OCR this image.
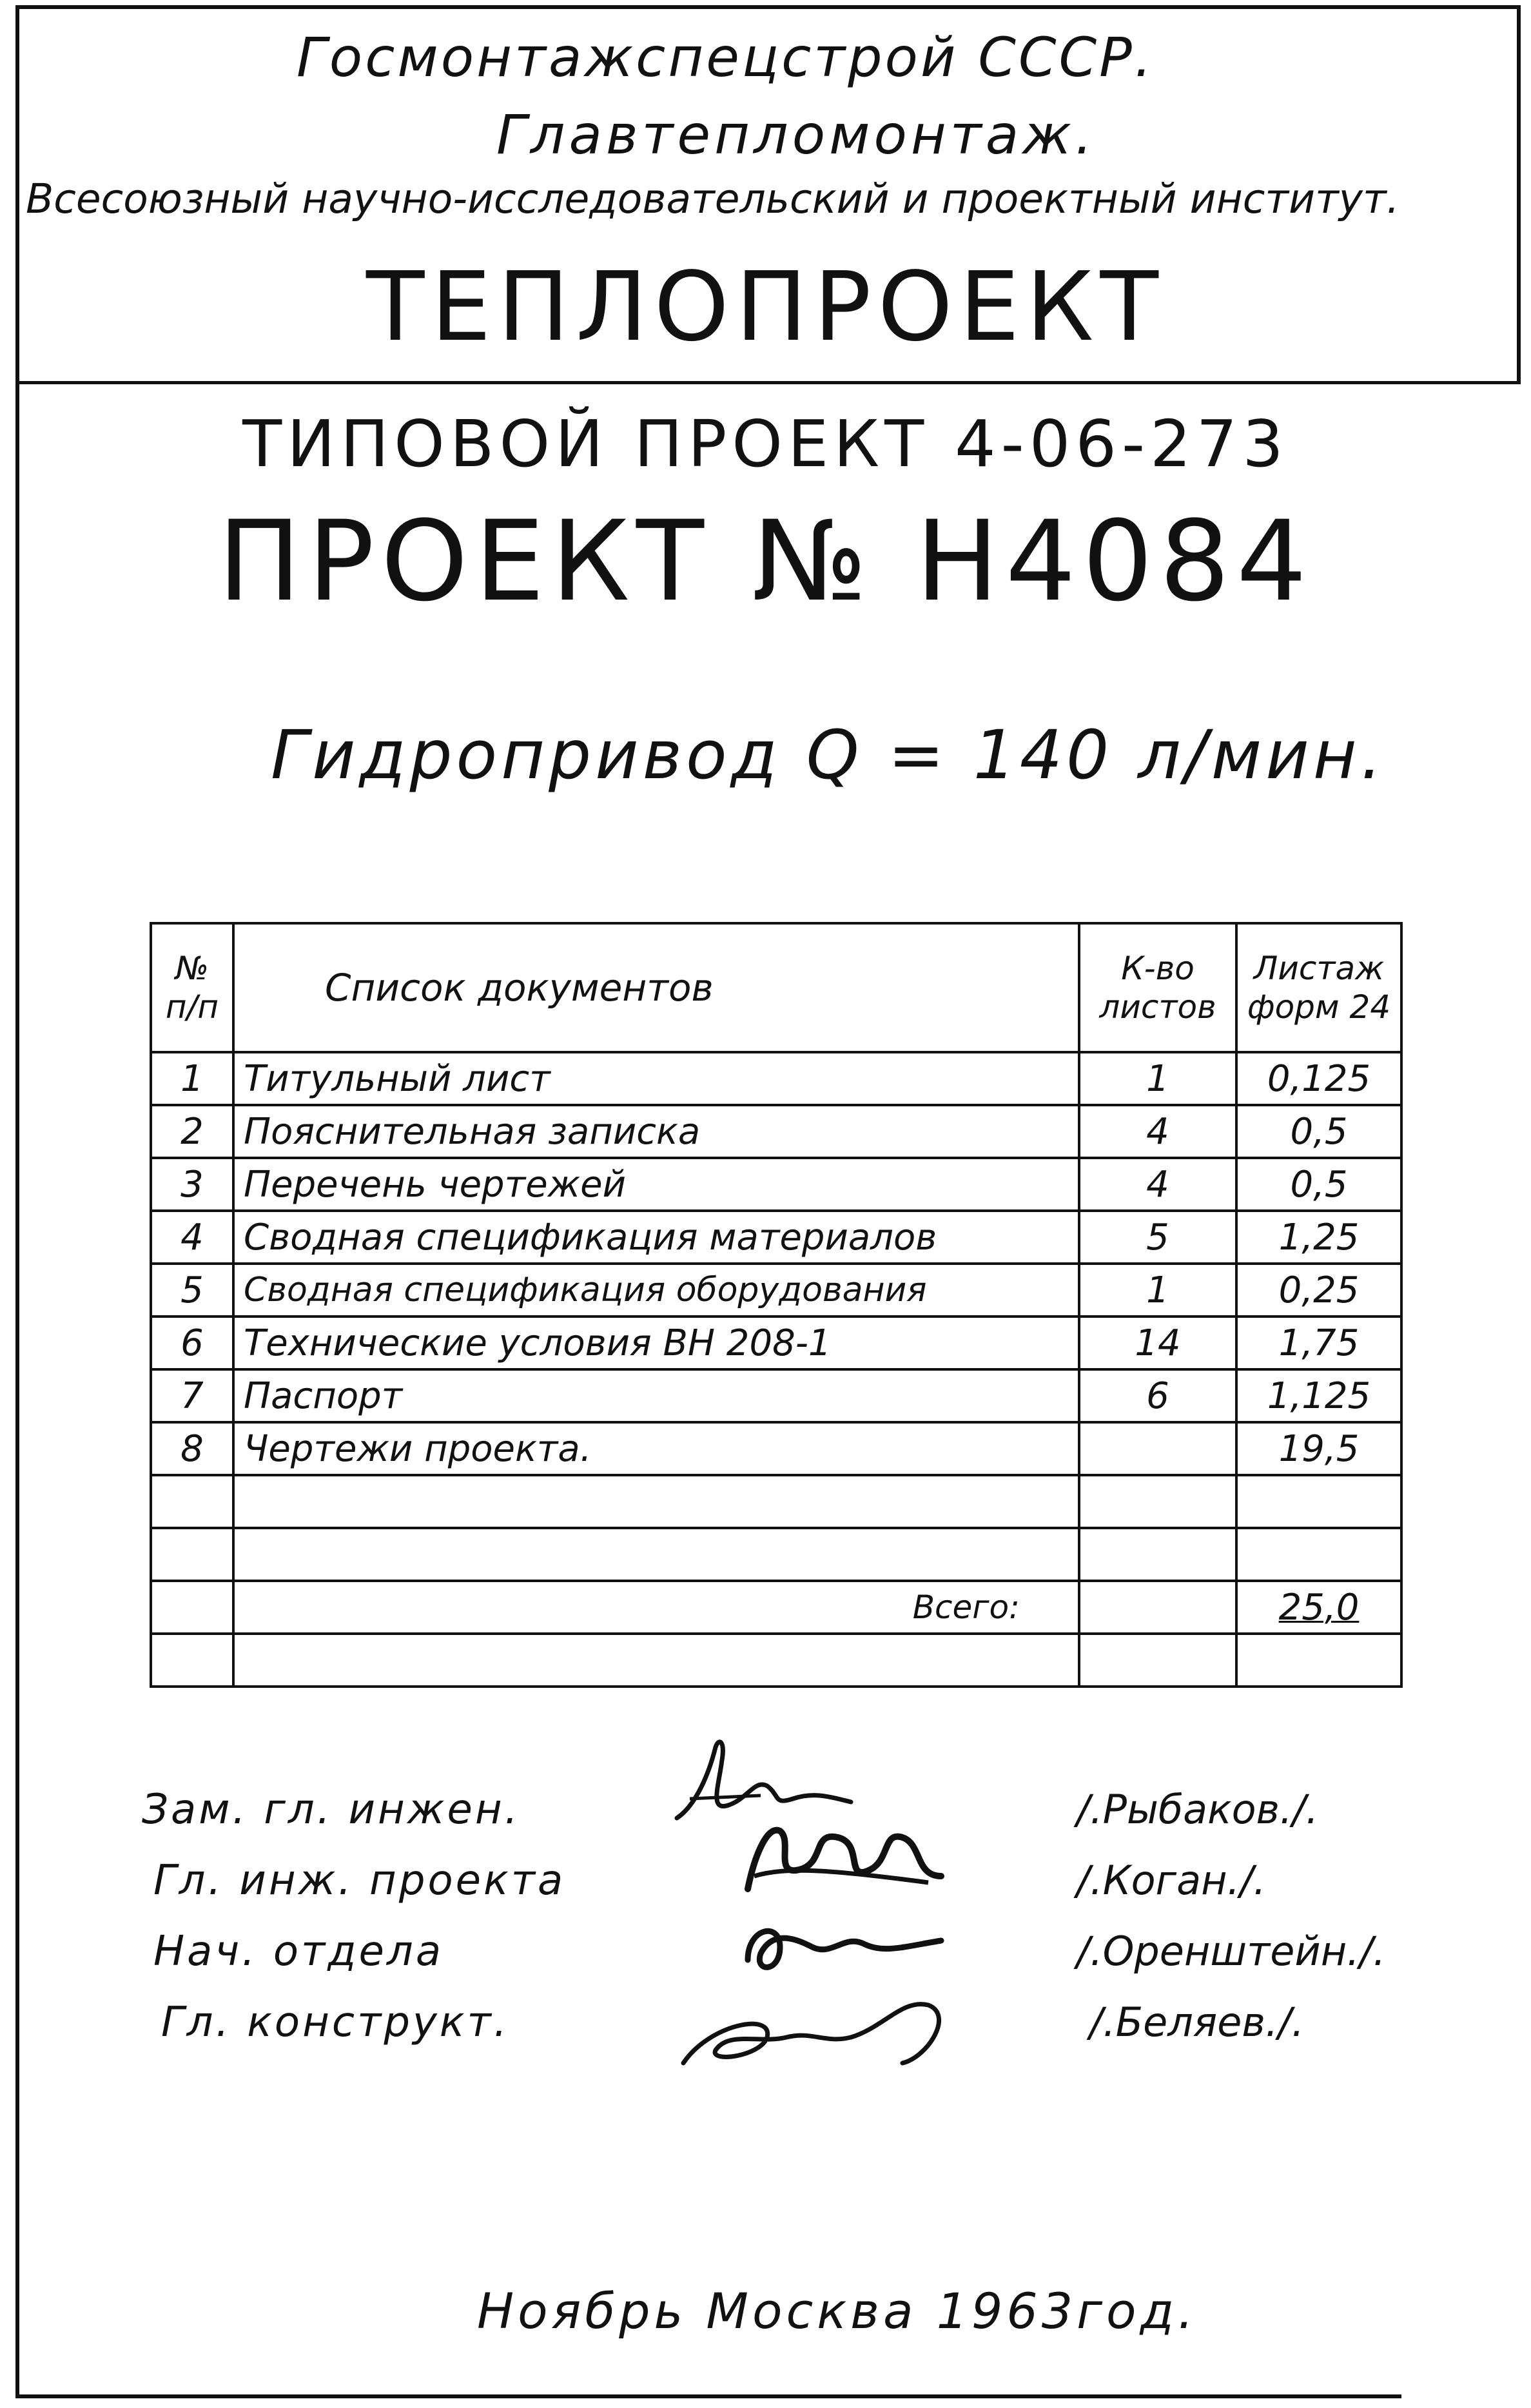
Госмонтажспецстрой СССР.
Главтепломонтаж.
Всесоюзный научно-исследовательский и проектный институт.
ТЕПЛОПРОЕКТ
ТИПОВОЙ ПРОЕКТ 4-06-273
ПРОЕКТ № Н4084
Гидропривод Q = 140 л/мин.
№ п/п	Список документов	К-во листов	Листаж форм 24
1	Титульный лист	1	0,125
2	Пояснительная записка	4	0,5
3	Перечень чертежей	4	0,5
4	Сводная спецификация материалов	5	1,25
5	Сводная спецификация оборудования	1	0,25
6	Технические условия ВН 208-1	14	1,75
7	Паспорт	6	1,125
8	Чертежи проекта.		19,5

	Всего:		25,0

Зам. гл. инжен.
Гл. инж. проекта
Нач. отдела
Гл. конструкт.
/.Рыбаков./.
/.Коган./.
/.Оренштейн./.
/.Беляев./.
Ноябрь Москва 1963год.
